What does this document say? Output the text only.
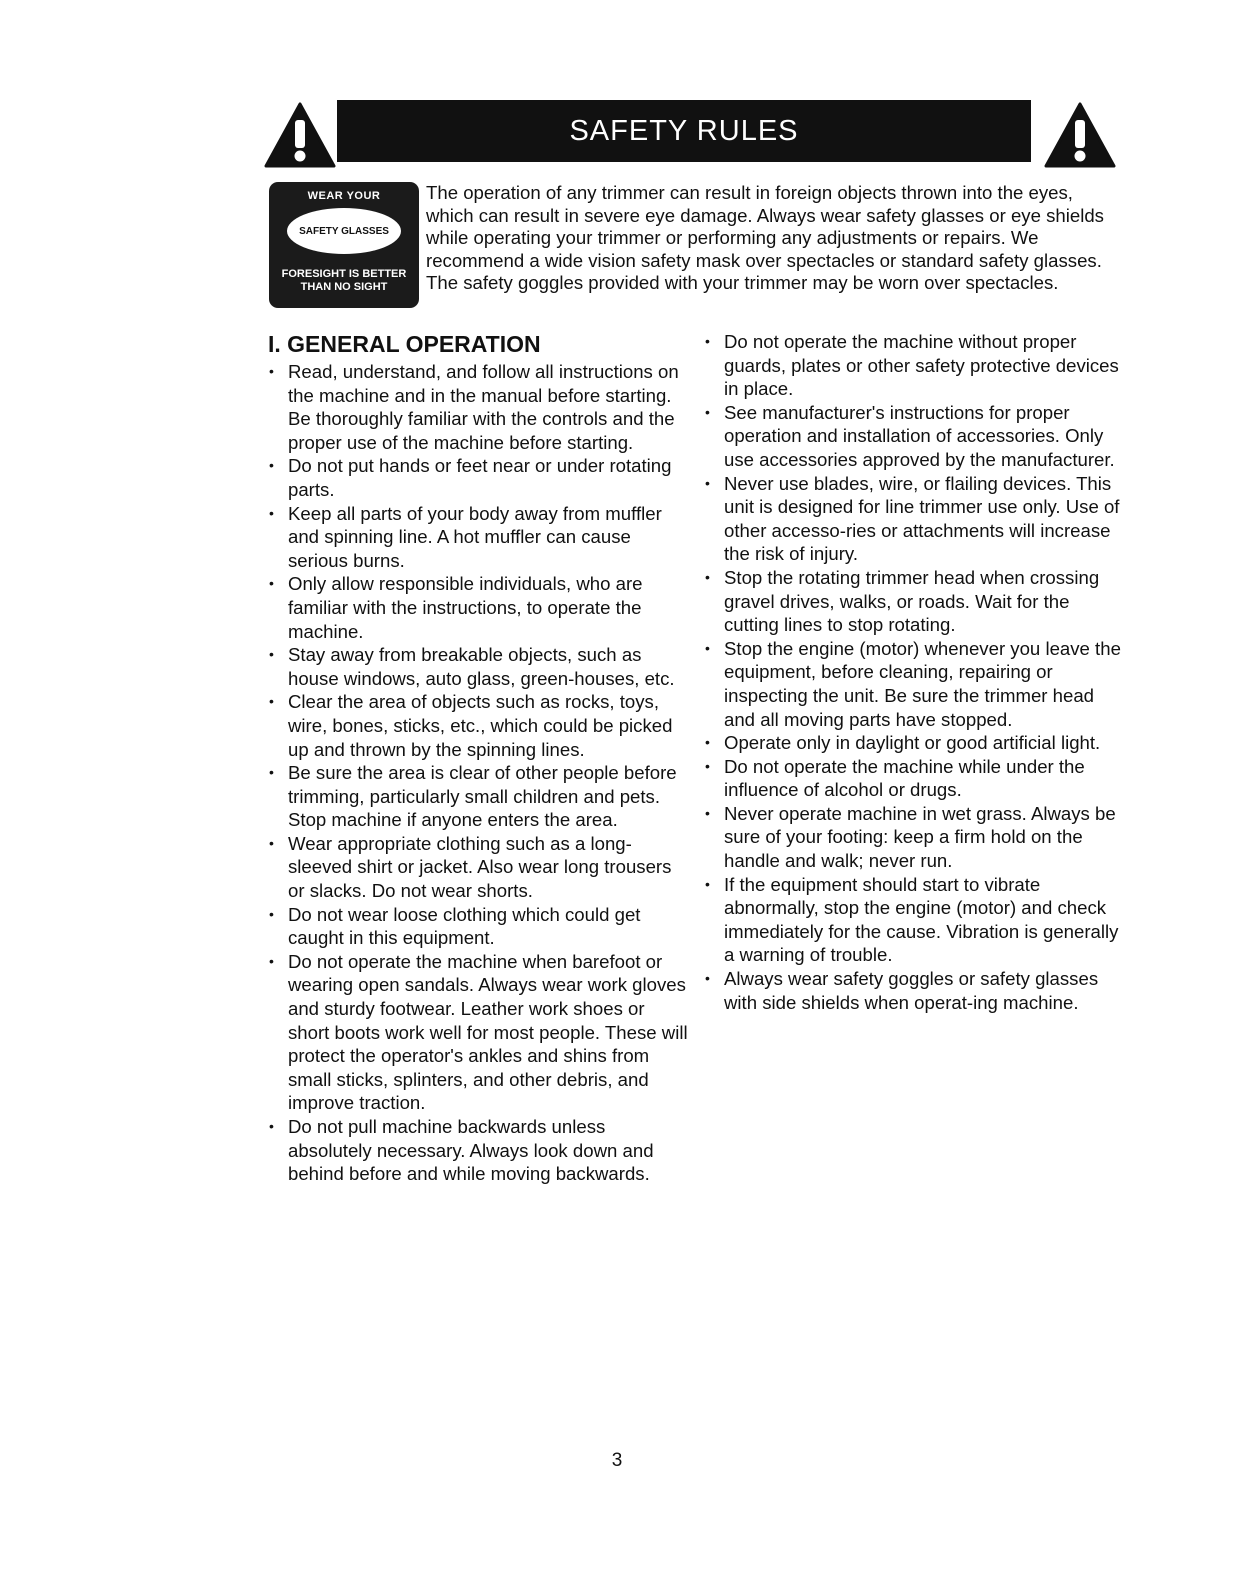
SAFETY RULES
WEAR YOUR
SAFETY GLASSES
FORESIGHT IS BETTER
THAN NO SIGHT

The operation of any trimmer can result in foreign objects thrown into the eyes, which can result in severe eye damage. Always wear safety glasses or eye shields while operating your trimmer or performing any adjustments or repairs. We recommend a wide vision safety mask over spectacles or standard safety glasses. The safety goggles provided with your trimmer may be worn over spectacles.

I. GENERAL OPERATION
• Read, understand, and follow all instructions on the machine and in the manual before starting. Be thoroughly familiar with the controls and the proper use of the machine before starting.
• Do not put hands or feet near or under rotating parts.
• Keep all parts of your body away from muffler and spinning line. A hot muffler can cause serious burns.
• Only allow responsible individuals, who are familiar with the instructions, to operate the machine.
• Stay away from breakable objects, such as house windows, auto glass, green-houses, etc.
• Clear the area of objects such as rocks, toys, wire, bones, sticks, etc., which could be picked up and thrown by the spinning lines.
• Be sure the area is clear of other people before trimming, particularly small children and pets. Stop machine if anyone enters the area.
• Wear appropriate clothing such as a long-sleeved shirt or jacket. Also wear long trousers or slacks. Do not wear shorts.
• Do not wear loose clothing which could get caught in this equipment.
• Do not operate the machine when barefoot or wearing open sandals. Always wear work gloves and sturdy footwear. Leather work shoes or short boots work well for most people. These will protect the operator's ankles and shins from small sticks, splinters, and other debris, and improve traction.
• Do not pull machine backwards unless absolutely necessary. Always look down and behind before and while moving backwards.
• Do not operate the machine without proper guards, plates or other safety protective devices in place.
• See manufacturer's instructions for proper operation and installation of accessories. Only use accessories approved by the manufacturer.
• Never use blades, wire, or flailing devices. This unit is designed for line trimmer use only. Use of other accesso-ries or attachments will increase the risk of injury.
• Stop the rotating trimmer head when crossing gravel drives, walks, or roads. Wait for the cutting lines to stop rotating.
• Stop the engine (motor) whenever you leave the equipment, before cleaning, repairing or inspecting the unit. Be sure the trimmer head and all moving parts have stopped.
• Operate only in daylight or good artificial light.
• Do not operate the machine while under the influence of alcohol or drugs.
• Never operate machine in wet grass. Always be sure of your footing: keep a firm hold on the handle and walk; never run.
• If the equipment should start to vibrate abnormally, stop the engine (motor) and check immediately for the cause. Vibration is generally a warning of trouble.
• Always wear safety goggles or safety glasses with side shields when operat-ing machine.
3
